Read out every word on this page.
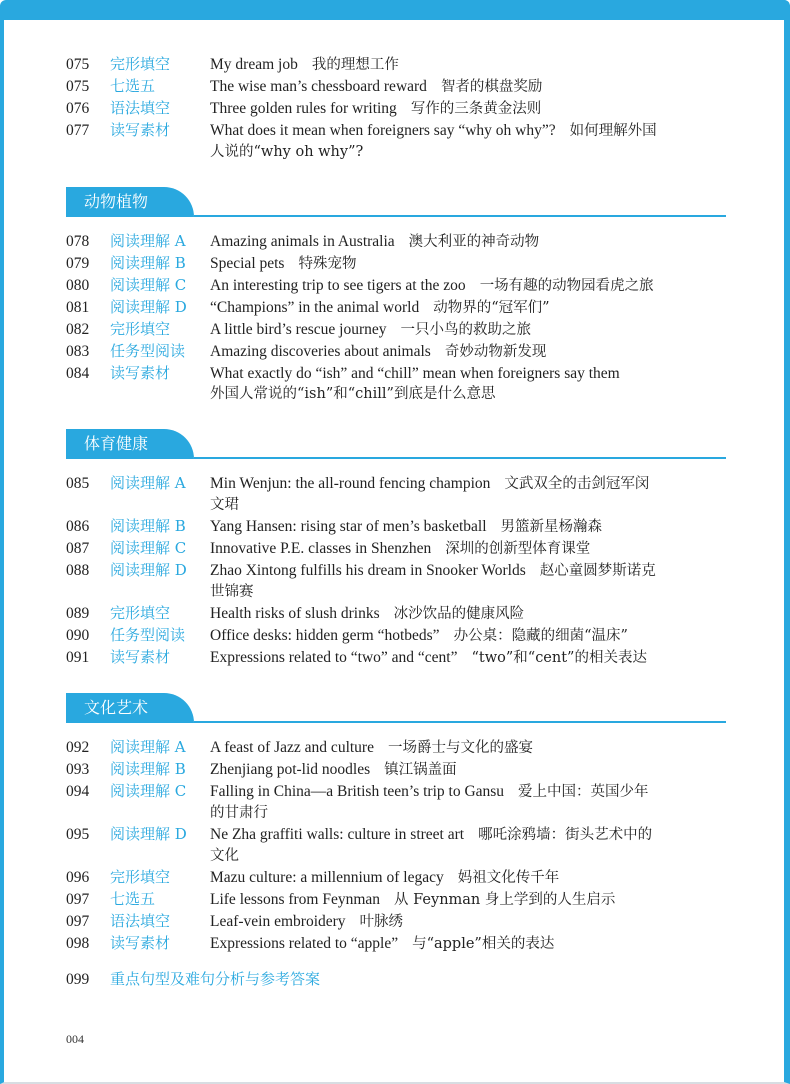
075	完形填空	My dream job 我的理想工作
075	七选五	The wise man’s chessboard reward 智者的棋盘奖励
076	语法填空	Three golden rules for writing 写作的三条黄金法则
077	读写素材	What does it mean when foreigners say “why oh why”? 如何理解外国
人说的“why oh why”?
动物植物
078	阅读理解 A	Amazing animals in Australia 澳大利亚的神奇动物
079	阅读理解 B	Special pets 特殊宠物
080	阅读理解 C	An interesting trip to see tigers at the zoo 一场有趣的动物园看虎之旅
081	阅读理解 D	“Champions” in the animal world 动物界的“冠军们”
082	完形填空	A little bird’s rescue journey 一只小鸟的救助之旅
083	任务型阅读	Amazing discoveries about animals 奇妙动物新发现
084	读写素材	What exactly do “ish” and “chill” mean when foreigners say them
外国人常说的“ish”和“chill”到底是什么意思
体育健康
085	阅读理解 A	Min Wenjun: the all-round fencing champion 文武双全的击剑冠军闵
文珺
086	阅读理解 B	Yang Hansen: rising star of men’s basketball 男篮新星杨瀚森
087	阅读理解 C	Innovative P.E. classes in Shenzhen 深圳的创新型体育课堂
088	阅读理解 D	Zhao Xintong fulfills his dream in Snooker Worlds 赵心童圆梦斯诺克
世锦赛
089	完形填空	Health risks of slush drinks 冰沙饮品的健康风险
090	任务型阅读	Office desks: hidden germ “hotbeds” 办公桌：隐藏的细菌“温床”
091	读写素材	Expressions related to “two” and “cent” “two”和“cent”的相关表达
文化艺术
092	阅读理解 A	A feast of Jazz and culture 一场爵士与文化的盛宴
093	阅读理解 B	Zhenjiang pot-lid noodles 镇江锅盖面
094	阅读理解 C	Falling in China—a British teen’s trip to Gansu 爱上中国：英国少年
的甘肃行
095	阅读理解 D	Ne Zha graffiti walls: culture in street art 哪吒涂鸦墙：街头艺术中的
文化
096	完形填空	Mazu culture: a millennium of legacy 妈祖文化传千年
097	七选五	Life lessons from Feynman 从 Feynman 身上学到的人生启示
097	语法填空	Leaf-vein embroidery 叶脉绣
098	读写素材	Expressions related to “apple” 与“apple”相关的表达
099	重点句型及难句分析与参考答案
004
